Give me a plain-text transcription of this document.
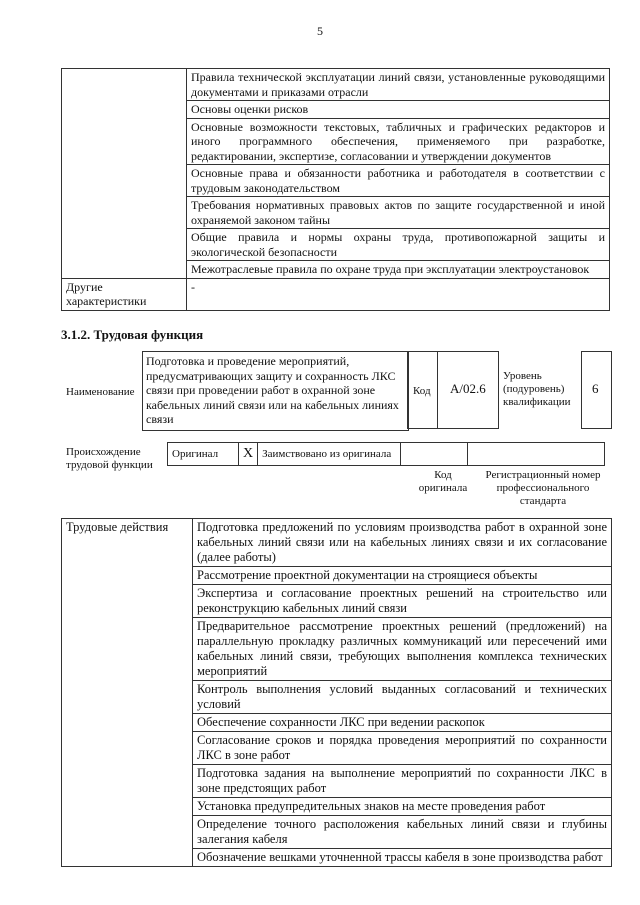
5

	Правила технической эксплуатации линий связи, установленные руководящими документами и приказами отрасли

	Основы оценки рисков

	Основные возможности текстовых, табличных и графических редакторов и иного программного обеспечения, применяемого при разработке, редактировании, экспертизе, согласовании и утверждении документов

	Основные права и обязанности работника и работодателя в соответствии с трудовым законодательством

	Требования нормативных правовых актов по защите государственной и иной охраняемой законом тайны

	Общие правила и нормы охраны труда, противопожарной защиты и экологической безопасности

	Межотраслевые правила по охране труда при эксплуатации электроустановок

Другие характеристики	-
3.1.2. Трудовая функция
Наименование
Подготовка и проведение мероприятий, предусматривающих защиту и сохранность ЛКС связи при проведении работ в охранной зоне кабельных линий связи или на кабельных линиях связи
Код A/02.6
Уровень (подуровень) квалификации
6
Происхождение трудовой функции
Оригинал	X	Заимствовано из оригинала		
Код оригинала
Регистрационный номер профессионального стандарта
Трудовые действия	Подготовка предложений по условиям производства работ в охранной зоне кабельных линий связи или на кабельных линиях связи и их согласование (далее работы)
Рассмотрение проектной документации на строящиеся объекты
Экспертиза и согласование проектных решений на строительство или реконструкцию кабельных линий связи
Предварительное рассмотрение проектных решений (предложений) на параллельную прокладку различных коммуникаций или пересечений ими кабельных линий связи, требующих выполнения комплекса технических мероприятий
Контроль выполнения условий выданных согласований и технических условий
Обеспечение сохранности ЛКС при ведении раскопок
Согласование сроков и порядка проведения мероприятий по сохранности ЛКС в зоне работ
Подготовка задания на выполнение мероприятий по сохранности ЛКС в зоне предстоящих работ
Установка предупредительных знаков на месте проведения работ
Определение точного расположения кабельных линий связи и глубины залегания кабеля
Обозначение вешками уточненной трассы кабеля в зоне производства работ
